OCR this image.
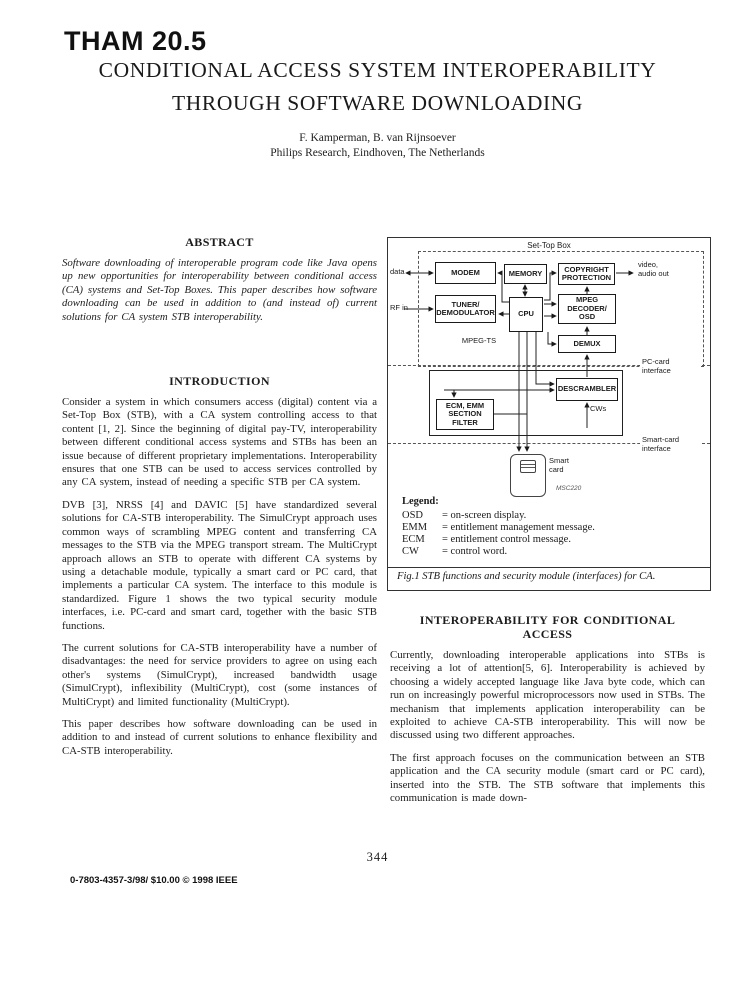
THAM 20.5
CONDITIONAL ACCESS SYSTEM INTEROPERABILITY
THROUGH SOFTWARE DOWNLOADING
F. Kamperman, B. van Rijnsoever
Philips Research, Eindhoven, The Netherlands
ABSTRACT
Software downloading of interoperable program code like Java opens up new opportunities for interoperability between conditional access (CA) systems and Set-Top Boxes. This paper describes how software downloading can be used in addition to (and instead of) current solutions for CA system STB interoperability.
INTRODUCTION
Consider a system in which consumers access (digital) content via a Set-Top Box (STB), with a CA system controlling access to that content [1, 2]. Since the beginning of digital pay-TV, interoperability between different conditional access systems and STBs has been an issue because of different proprietary implementations. Interoperability ensures that one STB can be used to access services controlled by any CA system, instead of needing a specific STB per CA system.
DVB [3], NRSS [4] and DAVIC [5] have standardized several solutions for CA-STB interoperability. The SimulCrypt approach uses common ways of scrambling MPEG content and transferring CA messages to the STB via the MPEG transport stream. The MultiCrypt approach allows an STB to operate with different CA systems by using a detachable module, typically a smart card or PC card, that implements a particular CA system. The interface to this module is standardized. Figure 1 shows the two typical security module interfaces, i.e. PC-card and smart card, together with the basic STB functions.
The current solutions for CA-STB interoperability have a number of disadvantages: the need for service providers to agree on using each other's systems (SimulCrypt), increased bandwidth usage (SimulCrypt), inflexibility (MultiCrypt), cost (some instances of MultiCrypt) and limited functionality (MultiCrypt).
This paper describes how software downloading can be used in addition to and instead of current solutions to enhance flexibility and CA-STB interoperability.
Set-Top Box
PC-card interface
Smart-card interface
MODEM	MEMORY	COPYRIGHT PROTECTION
TUNER/ DEMODULATOR	CPU
MPEG DECODER/ OSD
DEMUX
DESCRAMBLER
ECM, EMM SECTION FILTER
data
RF in
MPEG-TS
video, audio out
CWs
Smart card
MSC220
Legend:
OSD	= on-screen display.
EMM	= entitlement management message.
ECM	= entitlement control message.
CW	= control word.
Fig.1 STB functions and security module (interfaces) for CA.
INTEROPERABILITY FOR CONDITIONAL ACCESS
Currently, downloading interoperable applications into STBs is receiving a lot of attention[5, 6]. Interoperability is achieved by choosing a widely accepted language like Java byte code, which can run on increasingly powerful microprocessors now used in STBs. The mechanism that implements application interoperability can be exploited to achieve CA-STB interoperability. This will now be discussed using two different approaches.
The first approach focuses on the communication between an STB application and the CA security module (smart card or PC card), inserted into the STB. The STB software that implements this communication is made down-
344
0-7803-4357-3/98/ $10.00 © 1998 IEEE
